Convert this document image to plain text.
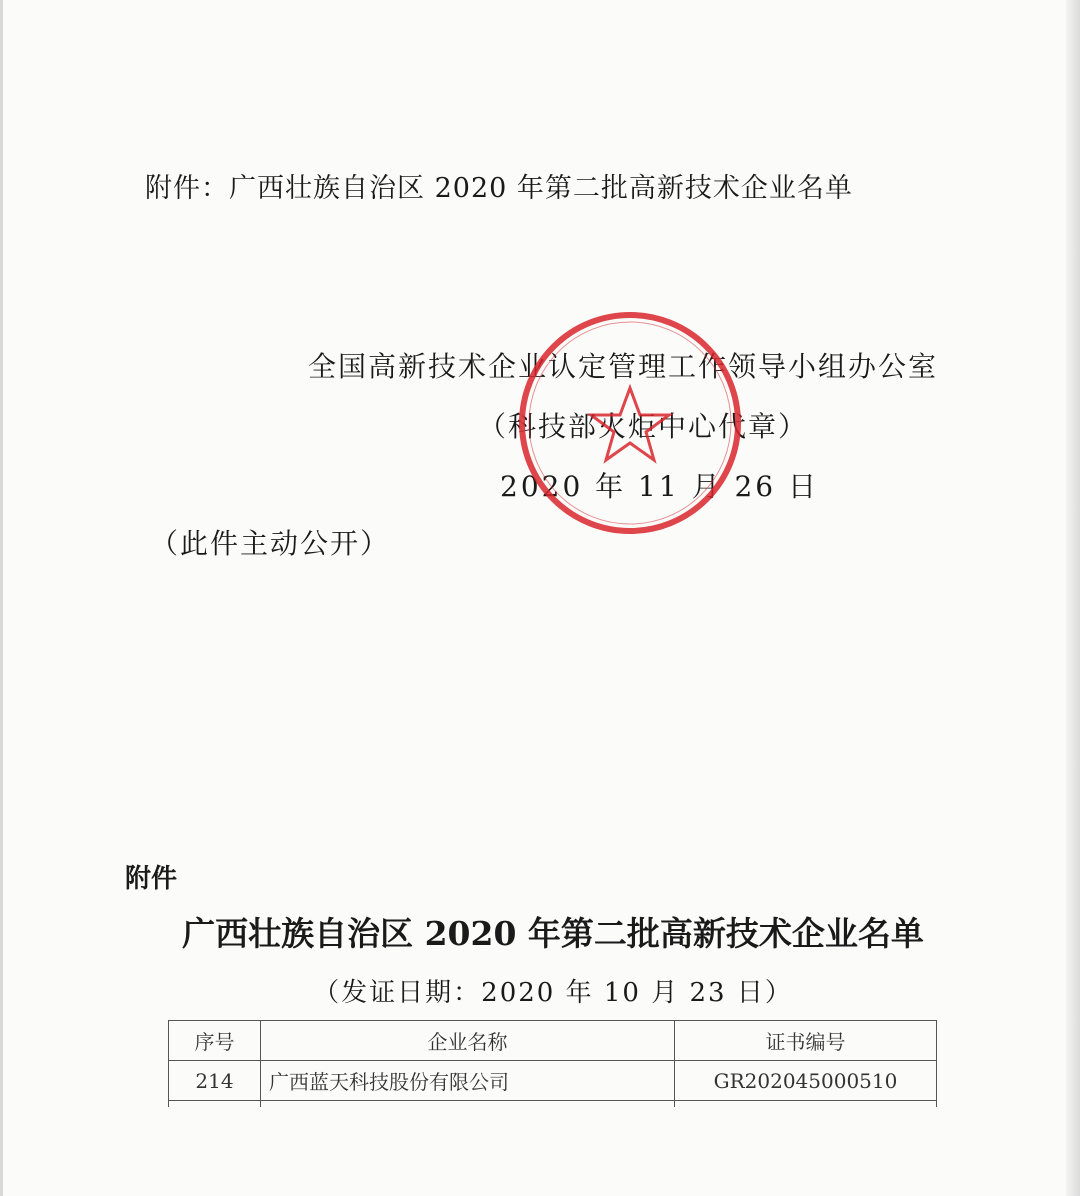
附件：广西壮族自治区 2020 年第二批高新技术企业名单
全国高新技术企业认定管理工作领导小组办公室
（科技部火炬中心代章）
2020 年 11 月 26 日
（此件主动公开）
附件
广西壮族自治区 2020 年第二批高新技术企业名单
（发证日期：2020 年 10 月 23 日）
序号	企业名称	证书编号
214	广西蓝天科技股份有限公司	GR202045000510
